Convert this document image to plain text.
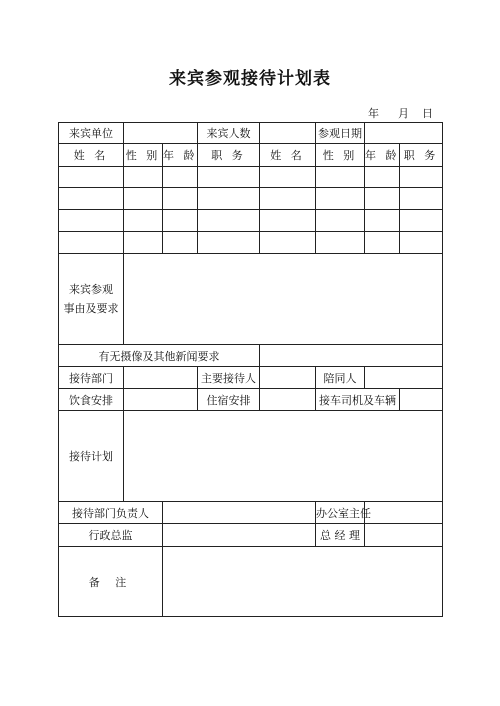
来宾参观接待计划表
年 月 日
来宾单位			来宾人数		参观日期		
姓 名	性 别	年 龄	职 务	姓 名	性 别	年 龄	职 务

来宾参观
事由及要求							
有无摄像及其他新闻要求							
接待部门			主要接待人		陪同人		
饮食安排			住宿安排		接车司机及车辆		
接待计划							
接待部门负责人					办公室主任		
行政总监					总 经 理		
备 注							
